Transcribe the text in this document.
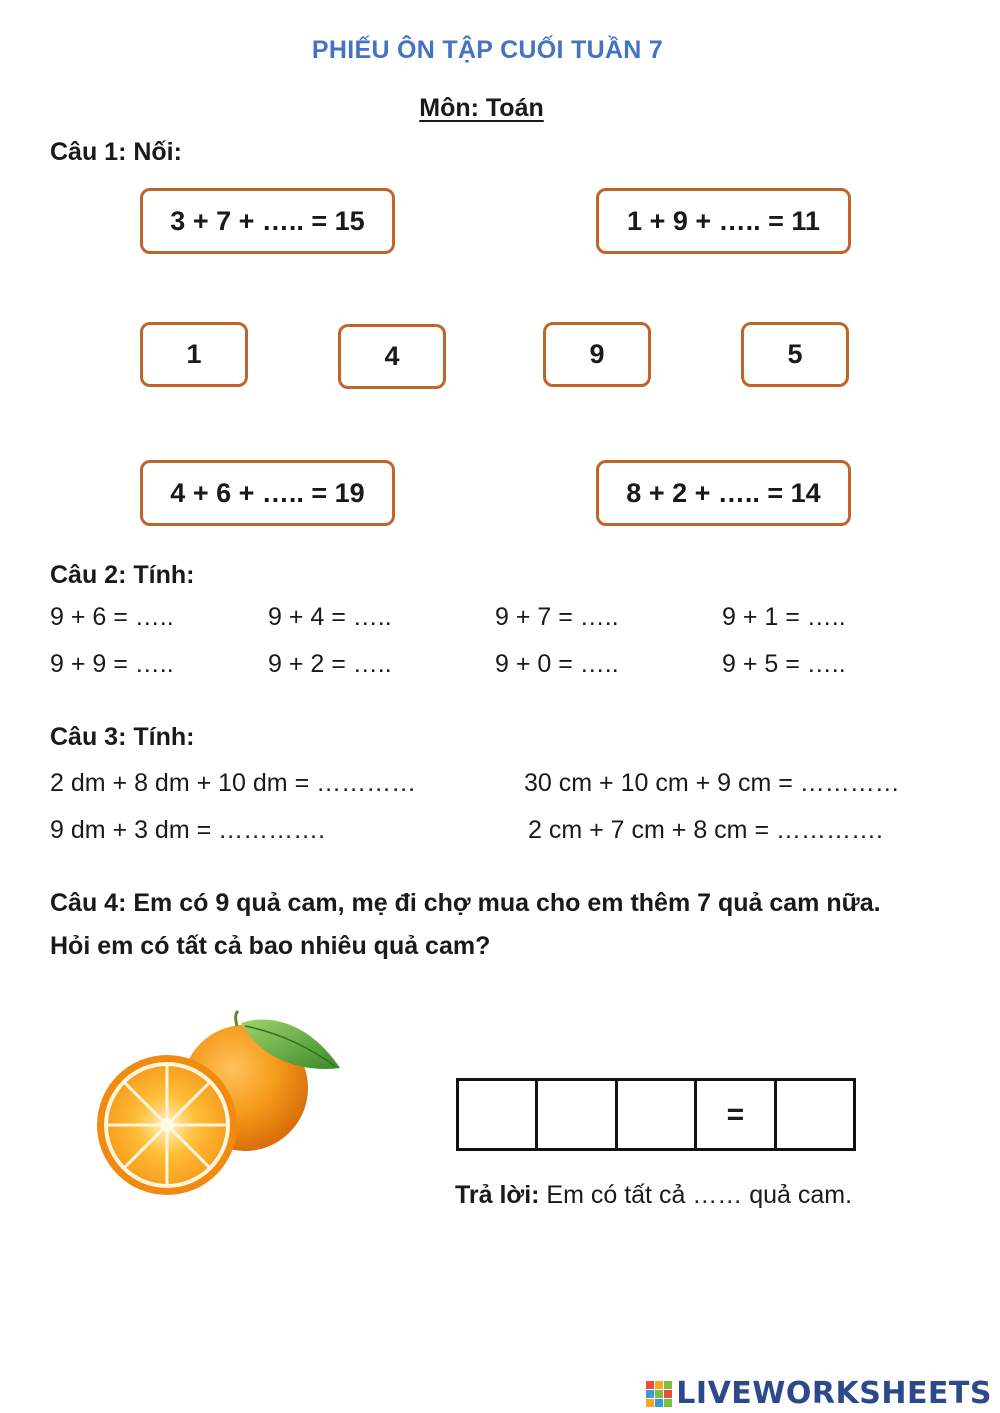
PHIẾU ÔN TẬP CUỐI TUẦN 7
Môn: Toán
Câu 1: Nối:
3 + 7 + ….. = 15	1 + 9 + ….. = 11
1	4	9	5
4 + 6 + ….. = 19	8 + 2 + ….. = 14
Câu 2: Tính:
9 + 6 = …..	9 + 4 = …..	9 + 7 = …..	9 + 1 = …..
9 + 9 = …..	9 + 2 = …..	9 + 0 = …..	9 + 5 = …..
Câu 3: Tính:
2 dm + 8 dm + 10 dm = …………	30 cm + 10 cm + 9 cm = …………
9 dm + 3 dm = ………….	2 cm + 7 cm + 8 cm = ………….
Câu 4: Em có 9 quả cam, mẹ đi chợ mua cho em thêm 7 quả cam nữa.
Hỏi em có tất cả bao nhiêu quả cam?
=
Trả lời: Em có tất cả …… quả cam.
LIVEWORKSHEETS
